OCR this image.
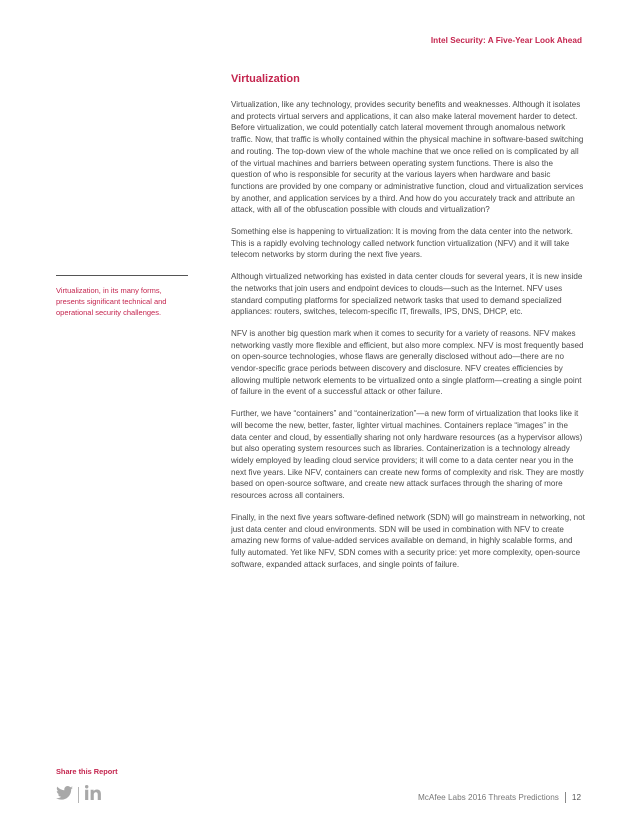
Intel Security: A Five-Year Look Ahead
Virtualization

Virtualization, like any technology, provides security benefits and weaknesses. Although it isolates and protects virtual servers and applications, it can also make lateral movement harder to detect. Before virtualization, we could potentially catch lateral movement through anomalous network traffic. Now, that traffic is wholly contained within the physical machine in software-based switching and routing. The top-down view of the whole machine that we once relied on is complicated by all of the virtual machines and barriers between operating system functions. There is also the question of who is responsible for security at the various layers when hardware and basic functions are provided by one company or administrative function, cloud and virtualization services by another, and application services by a third. And how do you accurately track and attribute an attack, with all of the obfuscation possible with clouds and virtualization?

Something else is happening to virtualization: It is moving from the data center into the network. This is a rapidly evolving technology called network function virtualization (NFV) and it will take telecom networks by storm during the next five years.

Although virtualized networking has existed in data center clouds for several years, it is new inside the networks that join users and endpoint devices to clouds—such as the Internet. NFV uses standard computing platforms for specialized network tasks that used to demand specialized appliances: routers, switches, telecom-specific IT, firewalls, IPS, DNS, DHCP, etc.

NFV is another big question mark when it comes to security for a variety of reasons. NFV makes networking vastly more flexible and efficient, but also more complex. NFV is most frequently based on open-source technologies, whose flaws are generally disclosed without ado—there are no vendor-specific grace periods between discovery and disclosure. NFV creates efficiencies by allowing multiple network elements to be virtualized onto a single platform—creating a single point of failure in the event of a successful attack or other failure.

Further, we have “containers” and “containerization”—a new form of virtualization that looks like it will become the new, better, faster, lighter virtual machines. Containers replace “images” in the data center and cloud, by essentially sharing not only hardware resources (as a hypervisor allows) but also operating system resources such as libraries. Containerization is a technology already widely employed by leading cloud service providers; it will come to a data center near you in the next five years. Like NFV, containers can create new forms of complexity and risk. They are mostly based on open-source software, and create new attack surfaces through the sharing of more resources across all containers.

Finally, in the next five years software-defined network (SDN) will go mainstream in networking, not just data center and cloud environments. SDN will be used in combination with NFV to create amazing new forms of value-added services available on demand, in highly scalable forms, and fully automated. Yet like NFV, SDN comes with a security price: yet more complexity, open-source software, expanded attack surfaces, and single points of failure.

Virtualization, in its many forms, presents significant technical and operational security challenges.

Share this Report
McAfee Labs 2016 Threats Predictions 12
